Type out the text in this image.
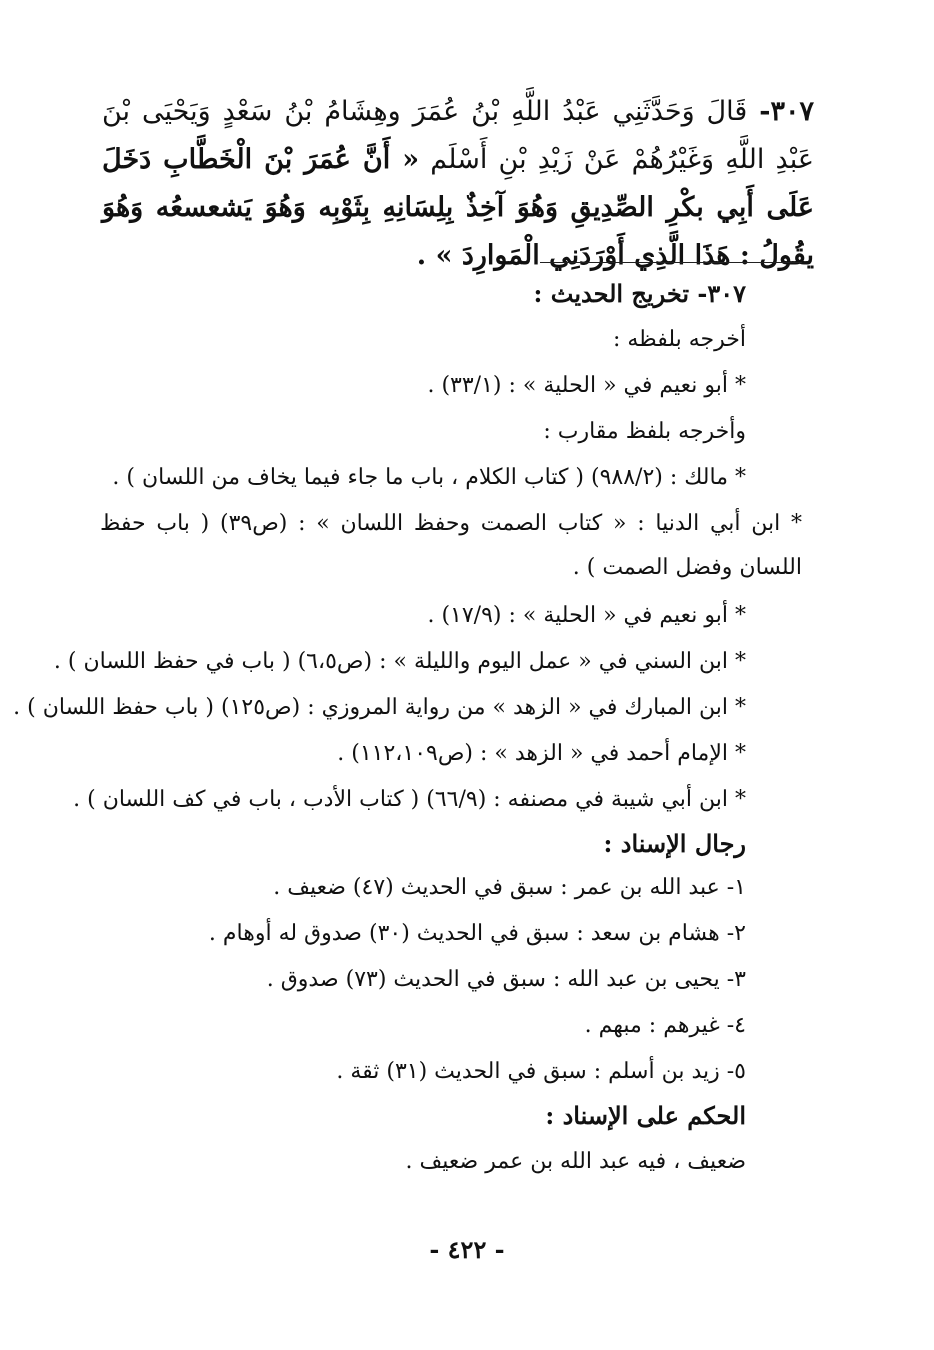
٣٠٧- قَالَ وَحَدَّثَنِي عَبْدُ اللَّهِ بْنُ عُمَرَ وهِشَامُ بْنُ سَعْدٍ وَيَحْيَى بْنَ عَبْدِ اللَّهِ وَغَيْرُهُمْ عَنْ زَيْدِ بْنِ أَسْلَم « أَنَّ عُمَرَ بْنَ الْخَطَّابِ دَخَلَ عَلَى أَبِي بكْرِ الصِّدِيقِ وَهُوَ آخِذٌ بِلِسَانِهِ بِثَوْبِه وَهُوَ يَشعسعُه وَهُوَ يقُولُ : هَذَا الَّذِي أَوْرَدَنِي الْمَوارِدَ » .
٣٠٧- تخريج الحديث :
أخرجه بلفظه :
* أبو نعيم في « الحلية » : (٣٣/١) .
وأخرجه بلفظ مقارب :
* مالك : (٩٨٨/٢) ( كتاب الكلام ، باب ما جاء فيما يخاف من اللسان ) .
* ابن أبي الدنيا : « كتاب الصمت وحفظ اللسان » : (ص٣٩) ( باب حفظ اللسان وفضل الصمت ) .
* أبو نعيم في « الحلية » : (١٧/٩) .
* ابن السني في « عمل اليوم والليلة » : (ص٦،٥) ( باب في حفظ اللسان ) .
* ابن المبارك في « الزهد » من رواية المروزي : (ص١٢٥) ( باب حفظ اللسان ) .
* الإمام أحمد في « الزهد » : (ص١١٢،١٠٩) .
* ابن أبي شيبة في مصنفه : (٦٦/٩) ( كتاب الأدب ، باب في كف اللسان ) .
رجال الإسناد :
١- عبد الله بن عمر : سبق في الحديث (٤٧) ضعيف .
٢- هشام بن سعد : سبق في الحديث (٣٠) صدوق له أوهام .
٣- يحيى بن عبد الله : سبق في الحديث (٧٣) صدوق .
٤- غيرهم : مبهم .
٥- زيد بن أسلم : سبق في الحديث (٣١) ثقة .
الحكم على الإسناد :
ضعيف ، فيه عبد الله بن عمر ضعيف .
- ٤٢٢ -
